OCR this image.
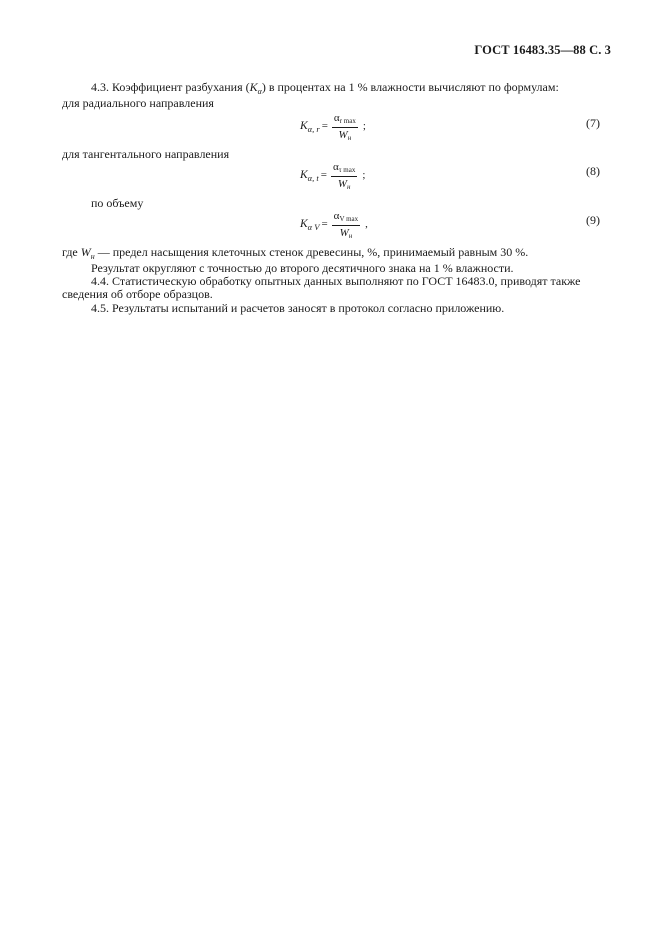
ГОСТ 16483.35—88 С. 3
4.3. Коэффициент разбухания $(K_\alpha)$ в процентах на 1 % влажности вычисляют по формулам:
для радиального направления
$K_{\alpha, r} = \frac{\alpha_{r max}}{W_н}$ ;	(7)
для тангентального направления
$K_{\alpha, t} = \frac{\alpha_{\tau max}}{W_н}$ ;	(8)
по объему
$K_{\alpha V} = \frac{\alpha_{V max}}{W_н}$ ,	(9)
где $W_н$ — предел насыщения клеточных стенок древесины, %, принимаемый равным 30 %.
Результат округляют с точностью до второго десятичного знака на 1 % влажности.
4.4. Статистическую обработку опытных данных выполняют по ГОСТ 16483.0, приводят также
сведения об отборе образцов.
4.5. Результаты испытаний и расчетов заносят в протокол согласно приложению.
